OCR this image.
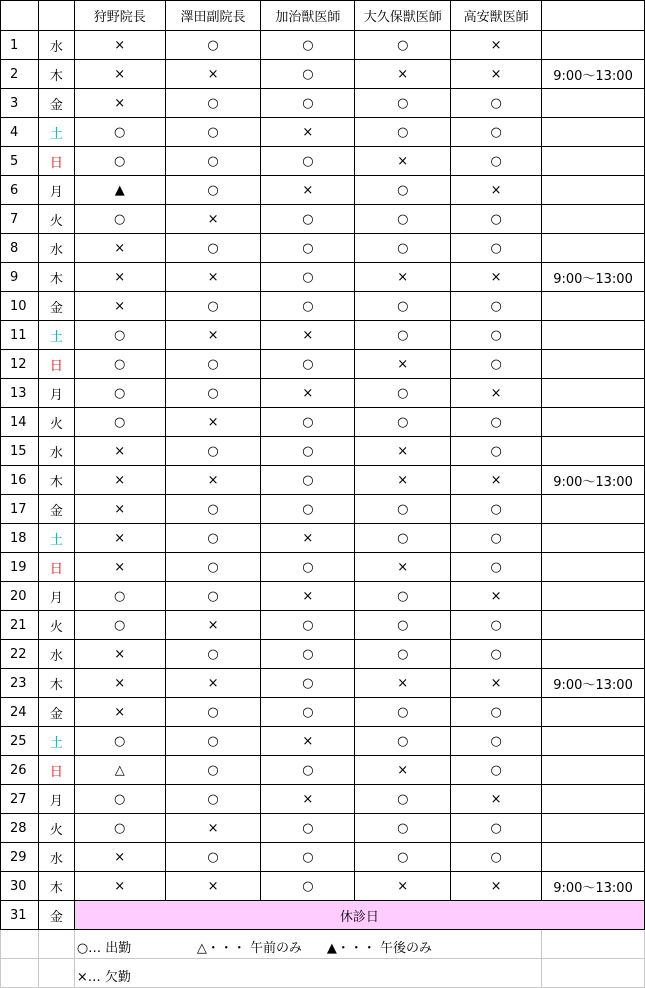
		狩野院長	澤田副院長	加治獣医師	大久保獣医師	高安獣医師	
1	水	×	○	○	○	×	
2	木	×	×	○	×	×	9:00～13:00
3	金	×	○	○	○	○	
4	土	○	○	×	○	○	
5	日	○	○	○	×	○	
6	月	▲	○	×	○	×	
7	火	○	×	○	○	○	
8	水	×	○	○	○	○	
9	木	×	×	○	×	×	9:00～13:00
10	金	×	○	○	○	○	
11	土	○	×	×	○	○	
12	日	○	○	○	×	○	
13	月	○	○	×	○	×	
14	火	○	×	○	○	○	
15	水	×	○	○	×	○	
16	木	×	×	○	×	×	9:00～13:00
17	金	×	○	○	○	○	
18	土	×	○	×	○	○	
19	日	×	○	○	×	○	
20	月	○	○	×	○	×	
21	火	○	×	○	○	○	
22	水	×	○	○	○	○	
23	木	×	×	○	×	×	9:00～13:00
24	金	×	○	○	○	○	
25	土	○	○	×	○	○	
26	日	△	○	○	×	○	
27	月	○	○	×	○	×	
28	火	○	×	○	○	○	
29	水	×	○	○	○	○	
30	木	×	×	○	×	×	9:00～13:00
31	金	休診日					

		○… 出勤 △・・・ 午前のみ ▲・・・ 午後のみ					

		×… 欠勤					
